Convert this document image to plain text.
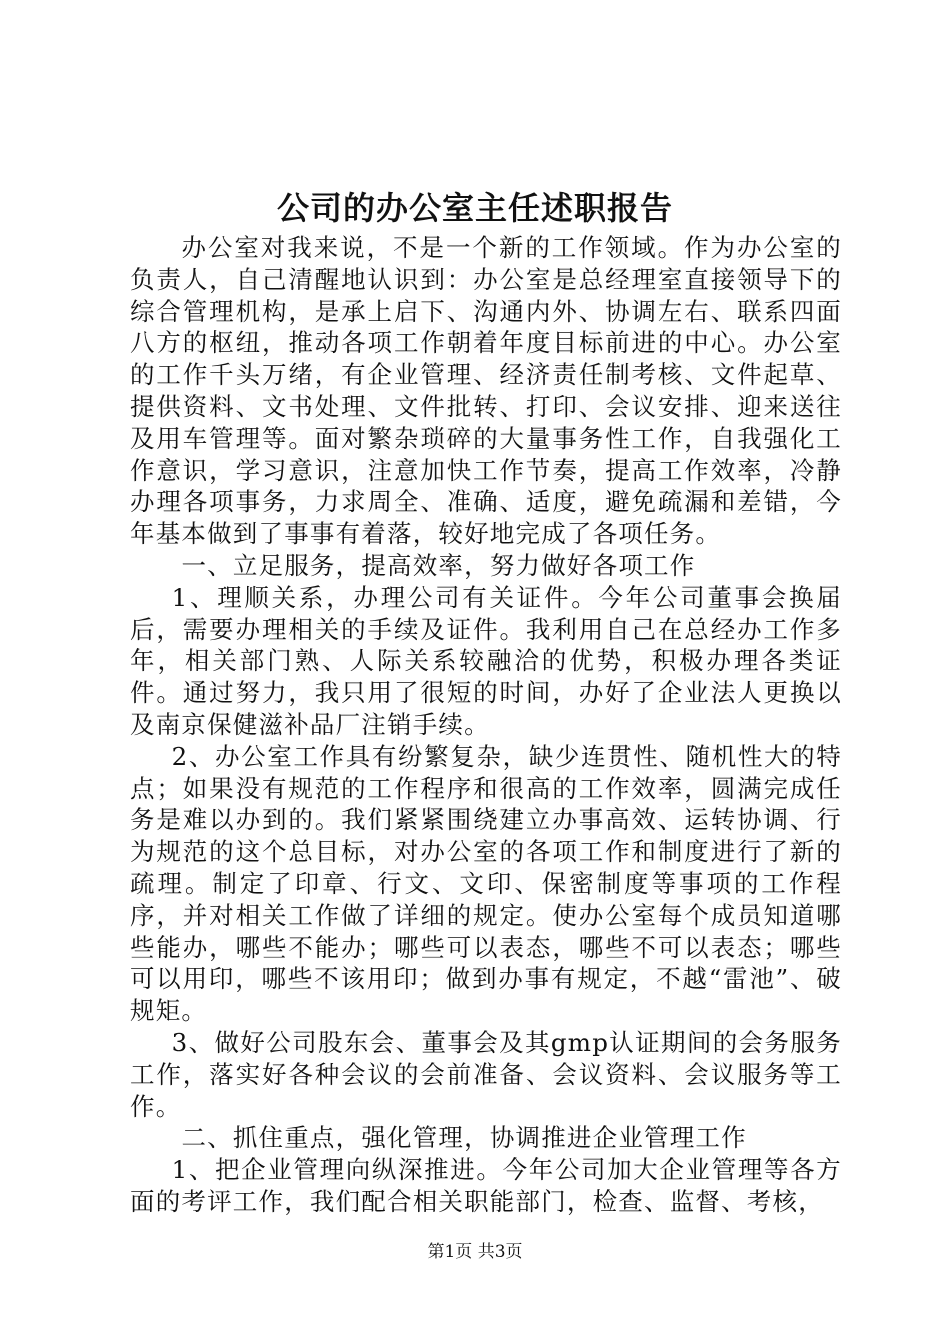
公司的办公室主任述职报告

办公室对我来说，不是一个新的工作领域。作为办公室的负责人，自己清醒地认识到：办公室是总经理室直接领导下的综合管理机构，是承上启下、沟通内外、协调左右、联系四面八方的枢纽，推动各项工作朝着年度目标前进的中心。办公室的工作千头万绪，有企业管理、经济责任制考核、文件起草、提供资料、文书处理、文件批转、打印、会议安排、迎来送往及用车管理等。面对繁杂琐碎的大量事务性工作，自我强化工作意识，学习意识，注意加快工作节奏，提高工作效率，冷静办理各项事务，力求周全、准确、适度，避免疏漏和差错，今年基本做到了事事有着落，较好地完成了各项任务。

一、立足服务，提高效率，努力做好各项工作

1、理顺关系，办理公司有关证件。今年公司董事会换届后，需要办理相关的手续及证件。我利用自己在总经办工作多年，相关部门熟、人际关系较融洽的优势，积极办理各类证件。通过努力，我只用了很短的时间，办好了企业法人更换以及南京保健滋补品厂注销手续。

2、办公室工作具有纷繁复杂，缺少连贯性、随机性大的特点；如果没有规范的工作程序和很高的工作效率，圆满完成任务是难以办到的。我们紧紧围绕建立办事高效、运转协调、行为规范的这个总目标，对办公室的各项工作和制度进行了新的疏理。制定了印章、行文、文印、保密制度等事项的工作程序，并对相关工作做了详细的规定。使办公室每个成员知道哪些能办，哪些不能办；哪些可以表态，哪些不可以表态；哪些可以用印，哪些不该用印；做到办事有规定，不越“雷池”、破规矩。

3、做好公司股东会、董事会及其gmp认证期间的会务服务工作，落实好各种会议的会前准备、会议资料、会议服务等工作。

二、抓住重点，强化管理，协调推进企业管理工作

1、把企业管理向纵深推进。今年公司加大企业管理等各方面的考评工作，我们配合相关职能部门，检查、监督、考核，

第1页 共3页
